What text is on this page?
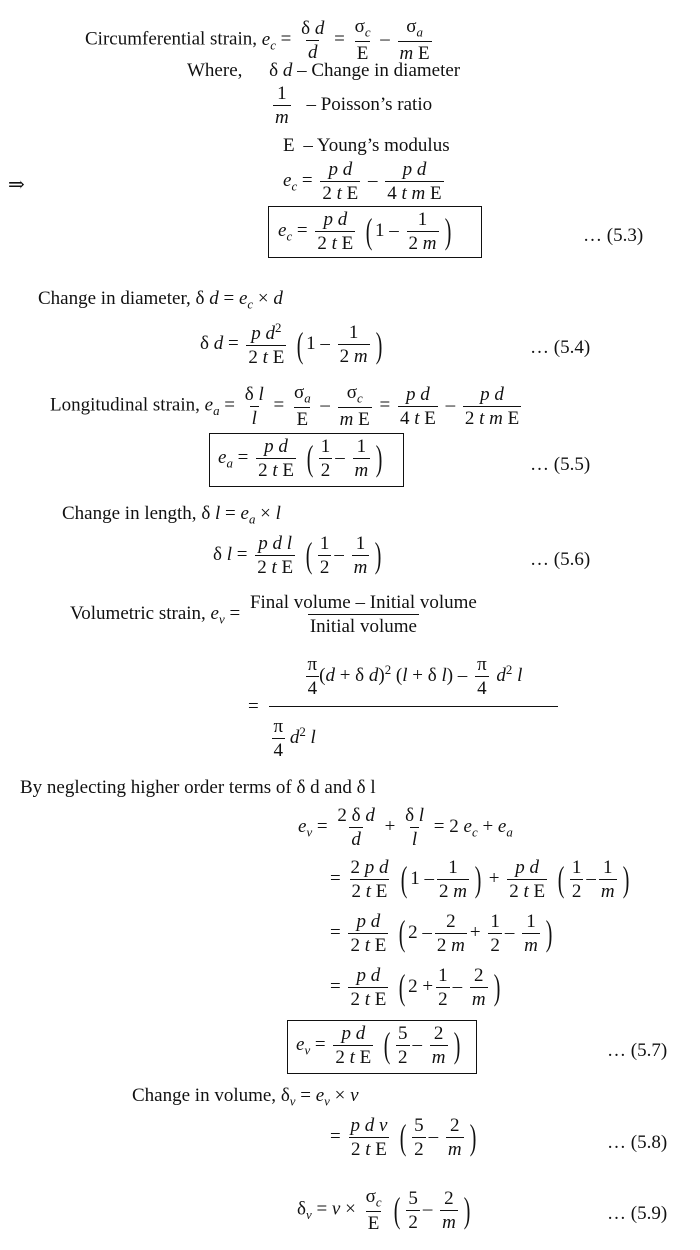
Circumferential strain, $e_c = \frac{\text{δ d}}{d} = \frac{\sigma_c}{E} - \frac{\sigma_a}{\text{m E}}$
Where, δ d – Change in diameter
$\frac{1}{m}$ – Poisson’s ratio
E – Young’s modulus
⇒	$e_c = \frac{\text{p d}}{\text{2 t E}} - \frac{\text{p d}}{\text{4 t m E}}$
$e_c = \frac{\text{p d}}{\text{2 t E}}$ ( $1 - \frac{1}{2 m}$ )	… (5.3)
Change in diameter, δ $d = e_c \times d$
δ $d = \frac{p d^2}{\text{2 t E}}$ ( $1 - \frac{1}{2 m}$ )	… (5.4)
Longitudinal strain, $e_a = \frac{\text{δ l}}{l} = \frac{\sigma_a}{E} - \frac{\sigma_c}{\text{m E}} = \frac{\text{p d}}{\text{4 t E}} - \frac{\text{p d}}{\text{2 t m E}}$
$e_a = \frac{\text{p d}}{\text{2 t E}}$ ( $\frac{1}{2} - \frac{1}{m}$ )	… (5.5)
Change in length, δ $l = e_a \times l$
δ $l = \frac{\text{p d l}}{\text{2 t E}}$ ( $\frac{1}{2} - \frac{1}{m}$ )	… (5.6)
Volumetric strain, $e_v = \frac{\text{Final volume – Initial volume}}{\text{Initial volume}}$
= $\frac{\frac{\pi}{4} (d + \delta d)^2 (l + \delta l) - \frac{\pi}{4} d^2 l}{\frac{\pi}{4} d^2 l}$
By neglecting higher order terms of δ d and δ l
$e_v = \frac{\text{2 δ d}}{d} + \frac{\text{δ l}}{l} = 2$ $e_c + e_a$
= $\frac{\text{2 p d}}{\text{2 t E}}$ ( $1 - \frac{1}{2 m}$ ) + $\frac{\text{p d}}{\text{2 t E}}$ ( $\frac{1}{2} - \frac{1}{m}$ )
= $\frac{\text{p d}}{\text{2 t E}}$ ( $2 - \frac{2}{2 m} + \frac{1}{2} - \frac{1}{m}$ )
= $\frac{\text{p d}}{\text{2 t E}}$ ( $2 + \frac{1}{2} - \frac{2}{m}$ )
$e_v = \frac{\text{p d}}{\text{2 t E}}$ ( $\frac{5}{2} - \frac{2}{m}$ )	… (5.7)
Change in volume, $\delta_v = e_v \times v$
= $\frac{\text{p d v}}{\text{2 t E}}$ ( $\frac{5}{2} - \frac{2}{m}$ )	… (5.8)
$\delta_v = v \times \frac{\sigma_c}{E}$ ( $\frac{5}{2} - \frac{2}{m}$ )	… (5.9)
